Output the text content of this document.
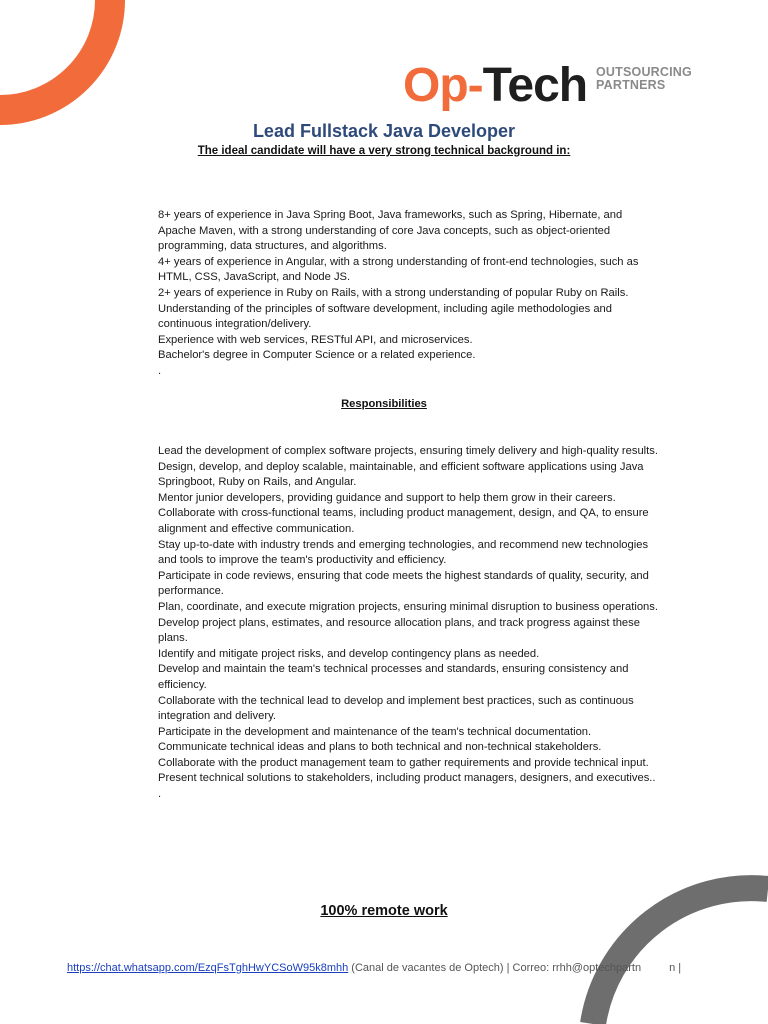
Op-Tech OUTSOURCING
PARTNERS
Lead Fullstack Java Developer
The ideal candidate will have a very strong technical background in:

8+ years of experience in Java Spring Boot, Java frameworks, such as Spring, Hibernate, and Apache Maven, with a strong understanding of core Java concepts, such as object-oriented programming, data structures, and algorithms.

4+ years of experience in Angular, with a strong understanding of front-end technologies, such as HTML, CSS, JavaScript, and Node JS.

2+ years of experience in Ruby on Rails, with a strong understanding of popular Ruby on Rails.

Understanding of the principles of software development, including agile methodologies and continuous integration/delivery.

Experience with web services, RESTful API, and microservices.

Bachelor's degree in Computer Science or a related experience.

.

Responsibilities

Lead the development of complex software projects, ensuring timely delivery and high-quality results.

Design, develop, and deploy scalable, maintainable, and efficient software applications using Java Springboot, Ruby on Rails, and Angular.

Mentor junior developers, providing guidance and support to help them grow in their careers.

Collaborate with cross-functional teams, including product management, design, and QA, to ensure alignment and effective communication.

Stay up-to-date with industry trends and emerging technologies, and recommend new technologies and tools to improve the team's productivity and efficiency.

Participate in code reviews, ensuring that code meets the highest standards of quality, security, and performance.

Plan, coordinate, and execute migration projects, ensuring minimal disruption to business operations.

Develop project plans, estimates, and resource allocation plans, and track progress against these plans.

Identify and mitigate project risks, and develop contingency plans as needed.

Develop and maintain the team's technical processes and standards, ensuring consistency and efficiency.

Collaborate with the technical lead to develop and implement best practices, such as continuous integration and delivery.

Participate in the development and maintenance of the team's technical documentation.

Communicate technical ideas and plans to both technical and non-technical stakeholders.

Collaborate with the product management team to gather requirements and provide technical input.

Present technical solutions to stakeholders, including product managers, designers, and executives..

.

100% remote work
https://chat.whatsapp.com/EzqFsTghHwYCSoW95k8mhh (Canal de vacantes de Optech) | Correo: rrhh@optechpartn	n |
